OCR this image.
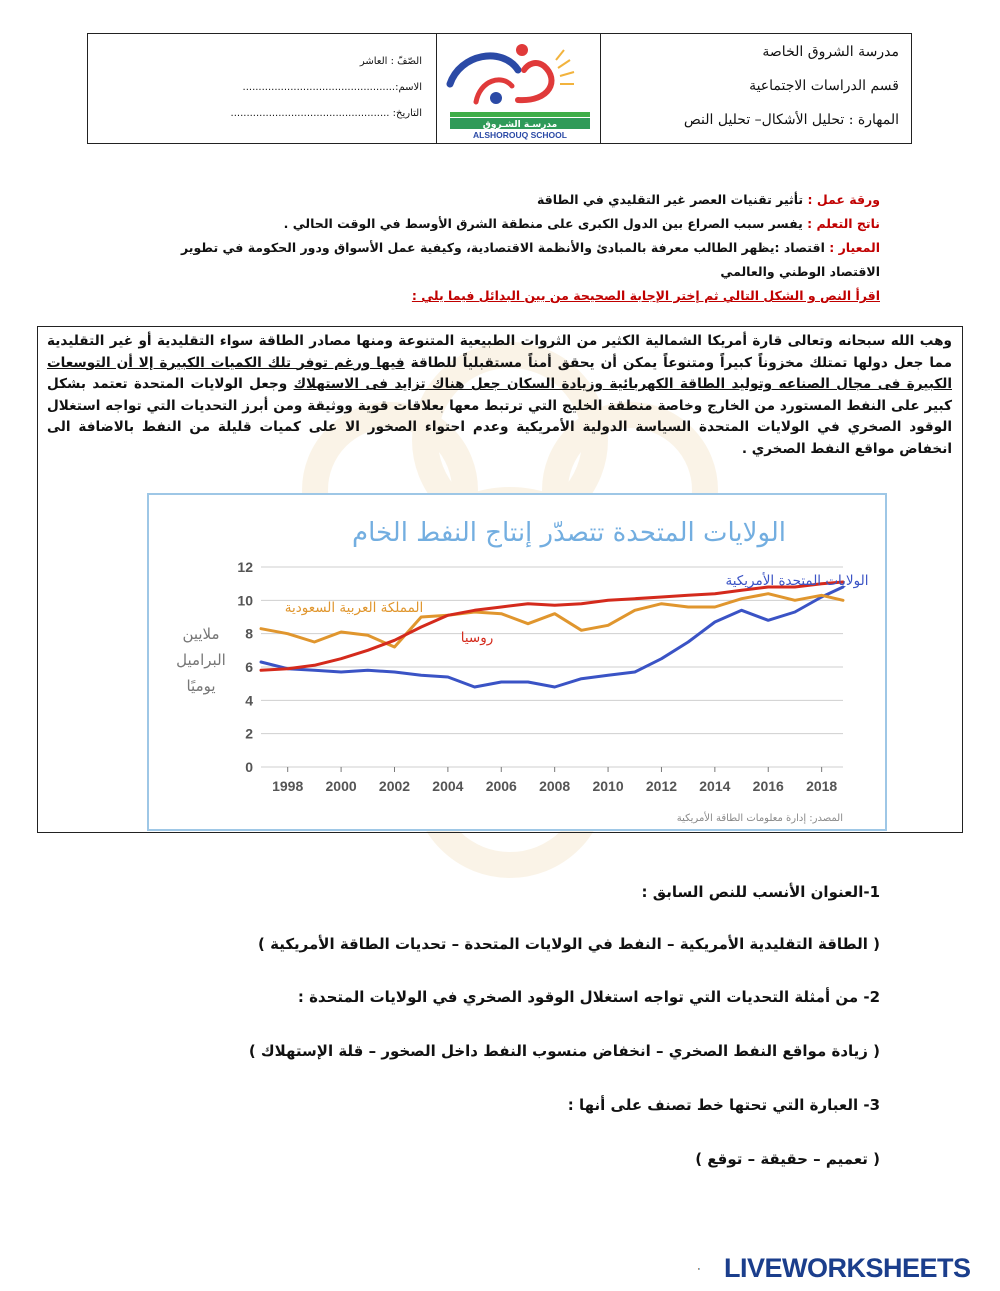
مدرسة الشروق الخاصة
قسم الدراسات الاجتماعية
المهارة : تحليل الأشكال– تحليل النص
مدرسـة الشـروق
ALSHOROUQ SCHOOL
الصّفّ : العاشر
الاسم:................................................
التاريخ: ..................................................
ورقة عمل : تأثير تقنيات العصر غير التقليدي في الطاقة
ناتج التعلم : يفسر سبب الصراع بين الدول الكبرى على منطقة الشرق الأوسط في الوقت الحالي .
المعيار : اقتصاد :يظهر الطالب معرفة بالمبادئ والأنظمة الاقتصادية، وكيفية عمل الأسواق ودور الحكومة في تطوير
الاقتصاد الوطني والعالمي
اقرأ النص و الشكل التالي ثم إختر الإجابة الصحيحة من بين البدائل فيما يلي :
وهب الله سبحانه وتعالى قارة أمريكا الشمالية الكثير من الثروات الطبيعية المتنوعة ومنها مصادر الطاقة سواء التقليدية أو غير التقليدية مما جعل دولها تمتلك مخزوناً كبيراً ومتنوعاً يمكن أن يحقق أمناً مستقبلياً للطاقة فيها ورغم توفر تلك الكميات الكبيرة إلا أن التوسعات الكبيرة فى مجال الصناعه وتوليد الطاقة الكهربائية وزيادة السكان جعل هناك تزايد فى الاستهلاك وجعل الولايات المتحدة تعتمد بشكل كبير على النفط المستورد من الخارج وخاصة منطقة الخليج التي ترتبط معها بعلاقات قوية ووثيقة ومن أبرز التحديات التي تواجه استغلال الوقود الصخري في الولايات المتحدة السياسة الدولية الأمريكية وعدم احتواء الصخور الا على كميات قليلة من النفط بالاضافة الى انخفاض مواقع النفط الصخري .
الولايات المتحدة تتصدّر إنتاج النفط الخام
0
2
4
6
8
10
12
1998 2000 2002 2004 2006 2008 2010 2012 2014 2016 2018
ملايين
البراميل
يوميًا
الولايات المتحدة الأمريكية
المملكة العربية السعودية
روسيا
المصدر: إدارة معلومات الطاقة الأمريكية
1-العنوان الأنسب للنص السابق :
( الطاقة التقليدية الأمريكية – النفط في الولايات المتحدة – تحديات الطاقة الأمريكية )
2- من أمثلة التحديات التي تواجه استغلال الوقود الصخري في الولايات المتحدة :
( زيادة مواقع النفط الصخري – انخفاض منسوب النفط داخل الصخور – قلة الإستهلاك )
3- العبارة التي تحتها خط تصنف على أنها :
( تعميم – حقيقة – توقع )
LIVEWORKSHEETS
